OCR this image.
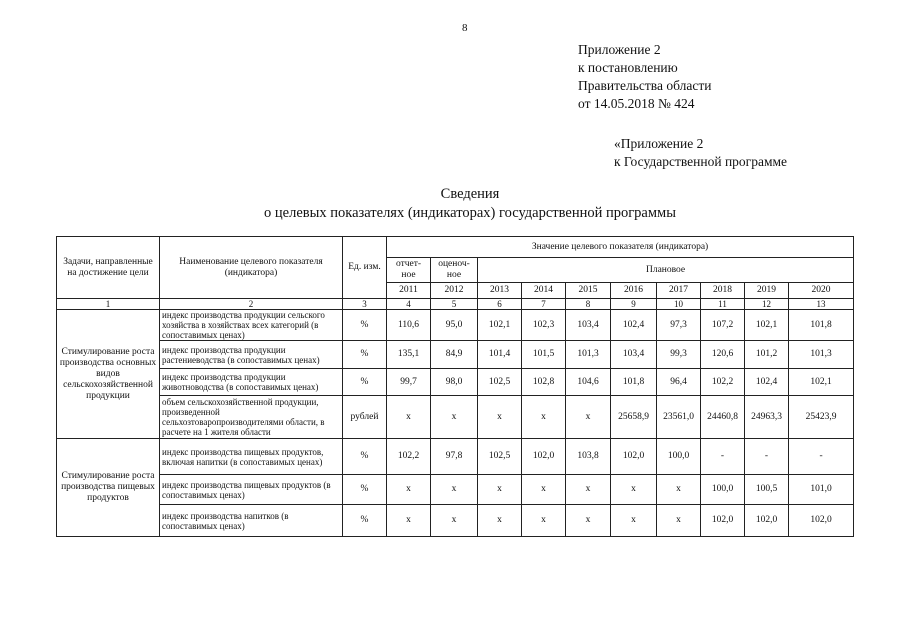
8
Приложение 2
к постановлению
Правительства области
от 14.05.2018 № 424
«Приложение 2
к Государственной программе
Сведения
о целевых показателях (индикаторах) государственной программы
Задачи, направленные на достижение цели	Наименование целевого показателя (индикатора)	Ед. изм.	Значение целевого показателя (индикатора)									
			отчет-ное	оценоч-ное	Плановое							
			2011	2012	2013	2014	2015	2016	2017	2018	2019	2020
1	2	3	4	5	6	7	8	9	10	11	12	13
Стимулирование роста производства основных видов сельскохозяйственной продукции	индекс производства продукции сельского хозяйства в хозяйствах всех категорий (в сопоставимых ценах)	%	110,6	95,0	102,1	102,3	103,4	102,4	97,3	107,2	102,1	101,8
	индекс производства продукции растениеводства (в сопоставимых ценах)	%	135,1	84,9	101,4	101,5	101,3	103,4	99,3	120,6	101,2	101,3
	индекс производства продукции животноводства (в сопоставимых ценах)	%	99,7	98,0	102,5	102,8	104,6	101,8	96,4	102,2	102,4	102,1
	объем сельскохозяйственной продукции, произведенной сельхозтоваропроизводителями области, в расчете на 1 жителя области	рублей	х	х	х	х	х	25658,9	23561,0	24460,8	24963,3	25423,9
Стимулирование роста производства пищевых продуктов	индекс производства пищевых продуктов, включая напитки (в сопоставимых ценах)	%	102,2	97,8	102,5	102,0	103,8	102,0	100,0	-	-	-
	индекс производства пищевых продуктов (в сопоставимых ценах)	%	х	х	х	х	х	х	х	100,0	100,5	101,0
	индекс производства напитков (в сопоставимых ценах)	%	х	х	х	х	х	х	х	102,0	102,0	102,0
